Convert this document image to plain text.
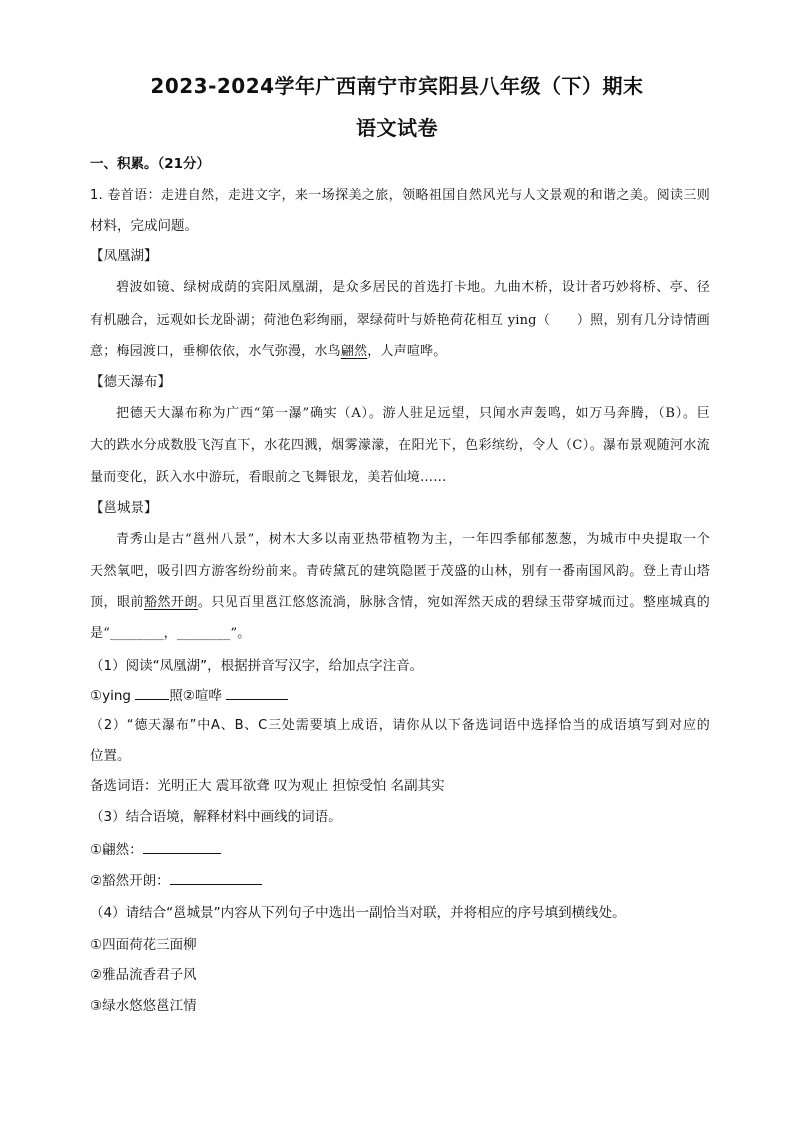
2023-2024学年广西南宁市宾阳县八年级（下）期末
语文试卷
一、积累。（21分）
1. 卷首语：走进自然，走进文字，来一场探美之旅，领略祖国自然风光与人文景观的和谐之美。阅读三则
材料，完成问题。
【凤凰湖】
碧波如镜、绿树成荫的宾阳凤凰湖，是众多居民的首选打卡地。九曲木桥，设计者巧妙将桥、亭、径
有机融合，远观如长龙卧湖；荷池色彩绚丽，翠绿荷叶与娇艳荷花相互 ying（　　）照，别有几分诗情画
意；梅园渡口，垂柳依依，水气弥漫，水鸟翩然，人声喧哗。
【德天瀑布】
把德天大瀑布称为广西“第一瀑”确实（A）。游人驻足远望，只闻水声轰鸣，如万马奔腾，（B）。巨
大的跌水分成数股飞泻直下，水花四溅，烟雾濛濛，在阳光下，色彩缤纷，令人（C）。瀑布景观随河水流
量而变化，跃入水中游玩，看眼前之飞舞银龙，美若仙境……
【邕城景】
青秀山是古“邕州八景”，树木大多以南亚热带植物为主，一年四季郁郁葱葱，为城市中央提取一个
天然氧吧，吸引四方游客纷纷前来。青砖黛瓦的建筑隐匿于茂盛的山林，别有一番南国风韵。登上青山塔
顶，眼前豁然开朗。只见百里邕江悠悠流淌，脉脉含情，宛如浑然天成的碧绿玉带穿城而过。整座城真的
是“________，________”。
（1）阅读“凤凰湖”，根据拼音写汉字，给加点字注音。
①ying	照②喧哗
（2）“德天瀑布”中A、B、C三处需要填上成语，请你从以下备选词语中选择恰当的成语填写到对应的
位置。
备选词语：光明正大 震耳欲聋 叹为观止 担惊受怕 名副其实
（3）结合语境，解释材料中画线的词语。
①翩然：
②豁然开朗：
（4）请结合“邕城景”内容从下列句子中选出一副恰当对联，并将相应的序号填到横线处。
①四面荷花三面柳
②雅品流香君子风
③绿水悠悠邕江情
